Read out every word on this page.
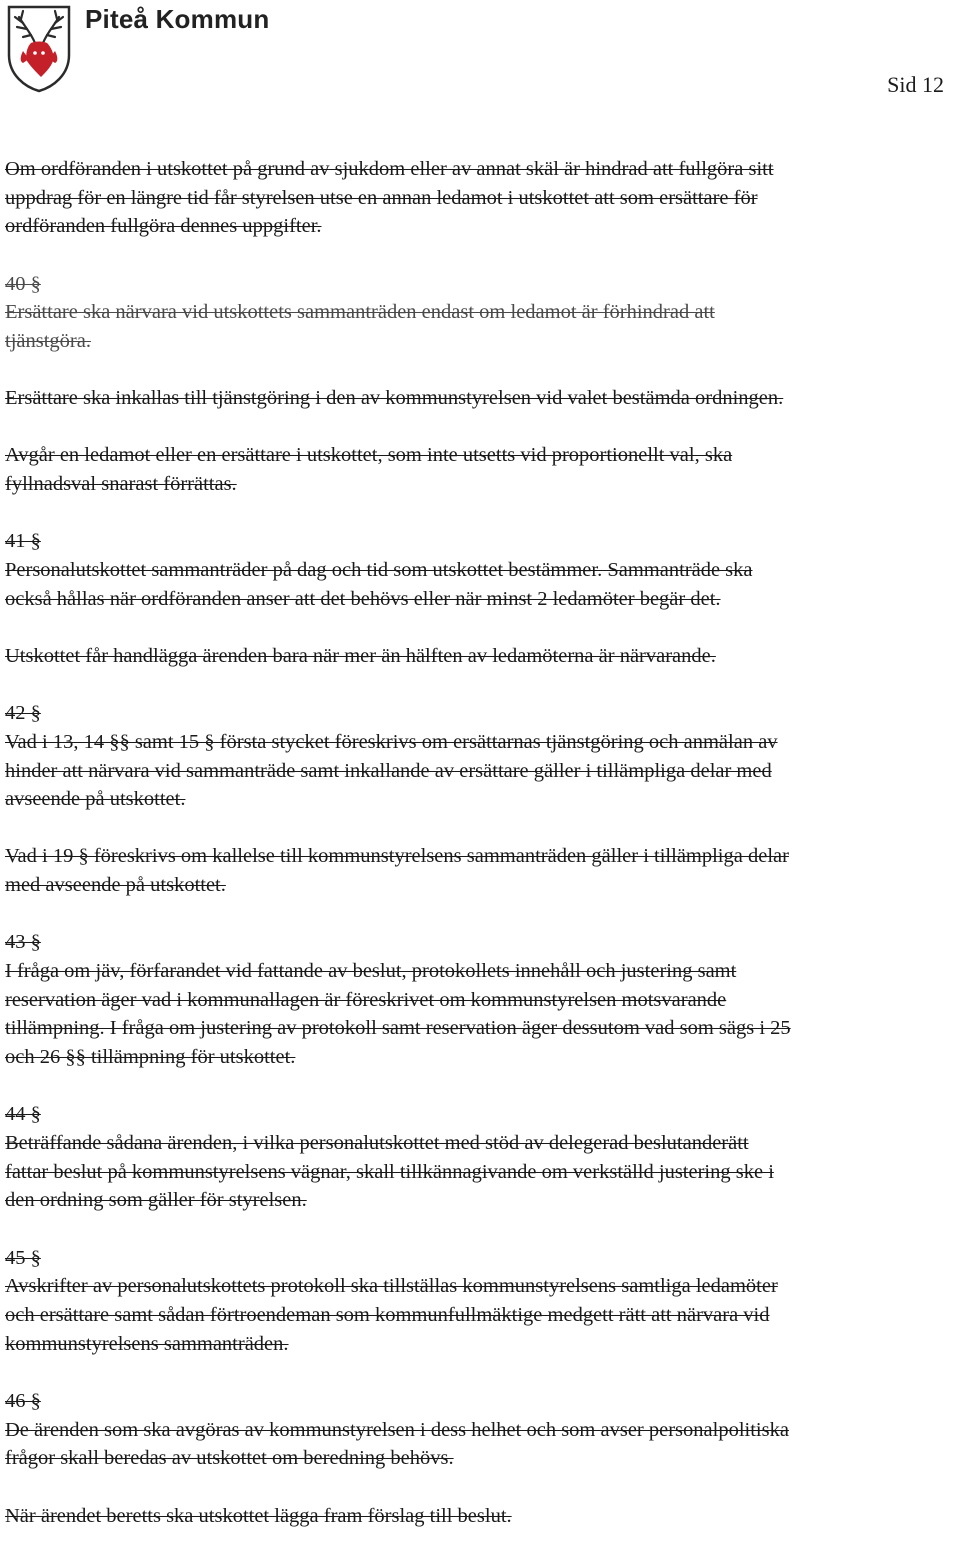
Piteå Kommun
Sid 12

Om ordföranden i utskottet på grund av sjukdom eller av annat skäl är hindrad att fullgöra sitt

uppdrag för en längre tid får styrelsen utse en annan ledamot i utskottet att som ersättare för

ordföranden fullgöra dennes uppgifter.

40 §

Ersättare ska närvara vid utskottets sammanträden endast om ledamot är förhindrad att

tjänstgöra.

Ersättare ska inkallas till tjänstgöring i den av kommunstyrelsen vid valet bestämda ordningen.

Avgår en ledamot eller en ersättare i utskottet, som inte utsetts vid proportionellt val, ska

fyllnadsval snarast förrättas.

41 §

Personalutskottet sammanträder på dag och tid som utskottet bestämmer. Sammanträde ska

också hållas när ordföranden anser att det behövs eller när minst 2 ledamöter begär det.

Utskottet får handlägga ärenden bara när mer än hälften av ledamöterna är närvarande.

42 §

Vad i 13, 14 §§ samt 15 § första stycket föreskrivs om ersättarnas tjänstgöring och anmälan av

hinder att närvara vid sammanträde samt inkallande av ersättare gäller i tillämpliga delar med

avseende på utskottet.

Vad i 19 § föreskrivs om kallelse till kommunstyrelsens sammanträden gäller i tillämpliga delar

med avseende på utskottet.

43 §

I fråga om jäv, förfarandet vid fattande av beslut, protokollets innehåll och justering samt

reservation äger vad i kommunallagen är föreskrivet om kommunstyrelsen motsvarande

tillämpning. I fråga om justering av protokoll samt reservation äger dessutom vad som sägs i 25

och 26 §§ tillämpning för utskottet.

44 §

Beträffande sådana ärenden, i vilka personalutskottet med stöd av delegerad beslutanderätt

fattar beslut på kommunstyrelsens vägnar, skall tillkännagivande om verkställd justering ske i

den ordning som gäller för styrelsen.

45 §

Avskrifter av personalutskottets protokoll ska tillställas kommunstyrelsens samtliga ledamöter

och ersättare samt sådan förtroendeman som kommunfullmäktige medgett rätt att närvara vid

kommunstyrelsens sammanträden.

46 §

De ärenden som ska avgöras av kommunstyrelsen i dess helhet och som avser personalpolitiska

frågor skall beredas av utskottet om beredning behövs.

När ärendet beretts ska utskottet lägga fram förslag till beslut.
